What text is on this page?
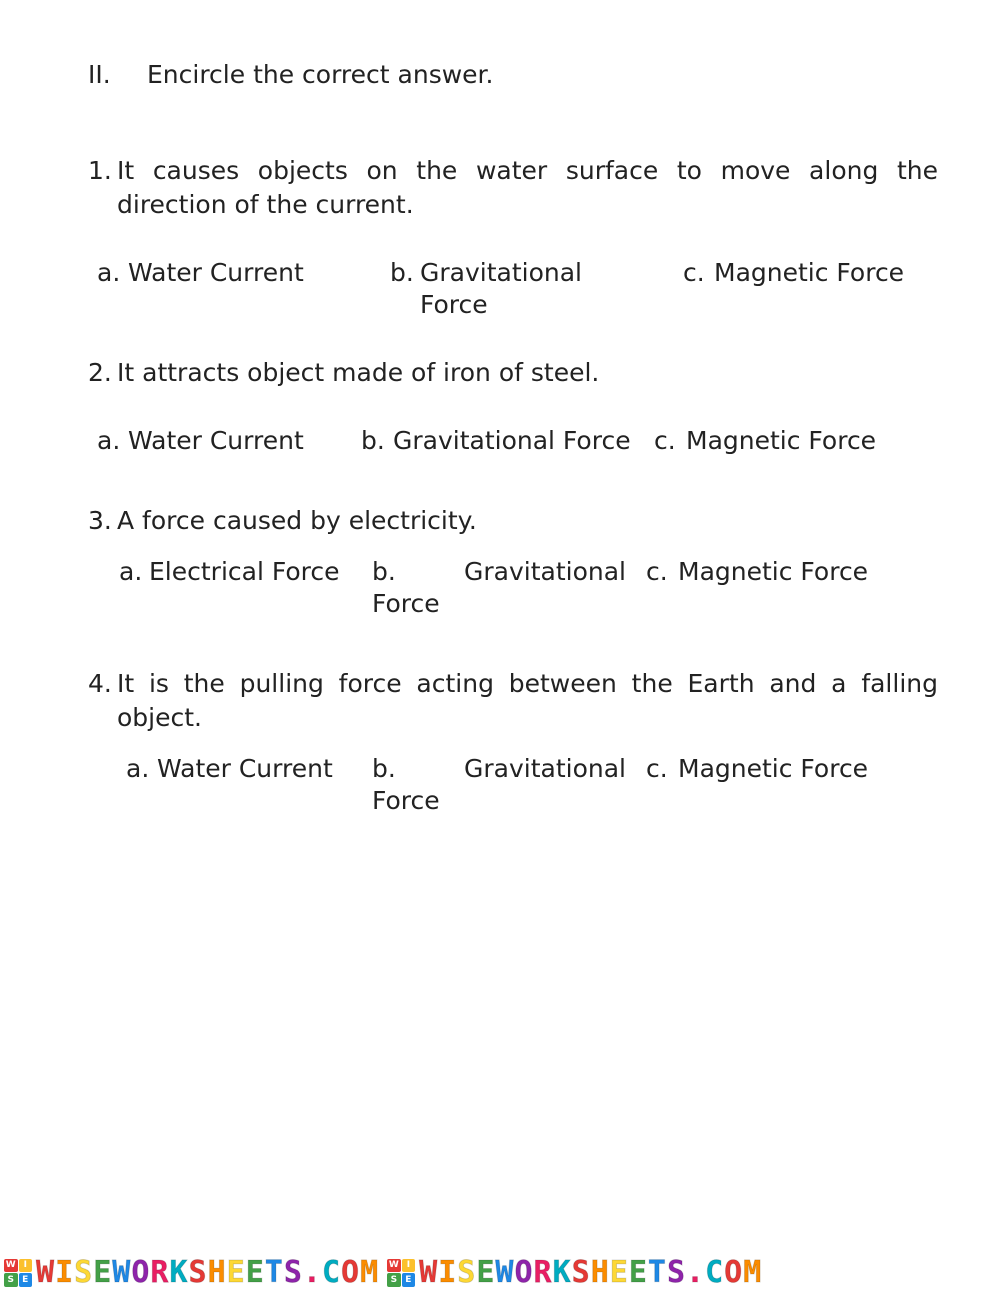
II. Encircle the correct answer.
1. It causes objects on the water surface to move along the
direction of the current.
a. Water Current	b. Gravitational Force
c. Magnetic Force
2. It attracts object made of iron of steel.
a. Water Current b. Gravitational Force c. Magnetic Force
3. A force caused by electricity.
a. Electrical Force b.	Gravitational
Force
c. Magnetic Force
4. It is the pulling force acting between the Earth and a falling
object.
a. Water Current b.	Gravitational
Force
c. Magnetic Force
W I
S E W I S E W O R K S H E E T S . C O M W I
S E W I S E W O R K S H E E T S . C O M
